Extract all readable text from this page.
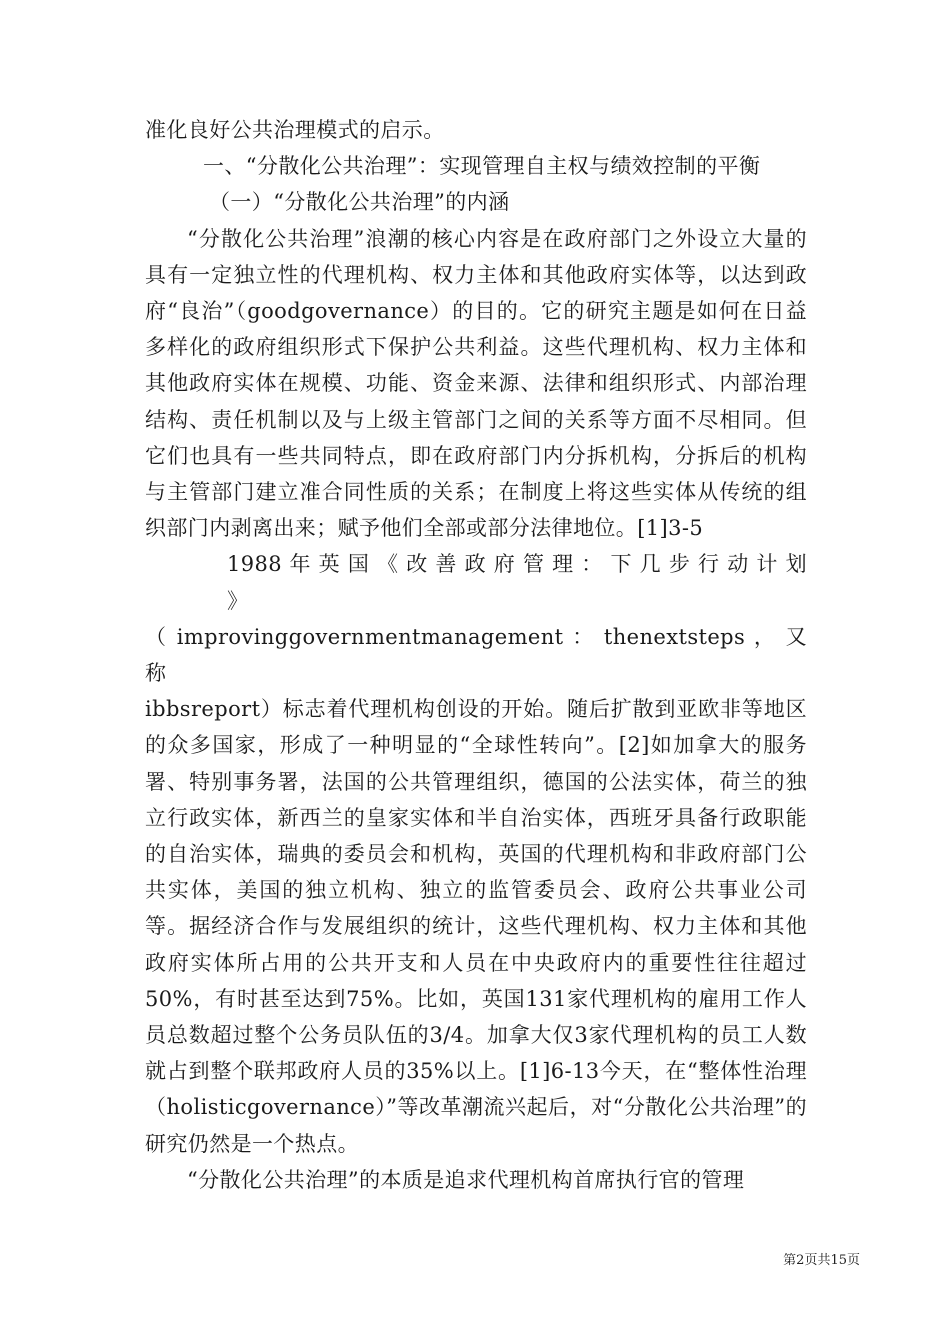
准化良好公共治理模式的启示。

一、“分散化公共治理”：实现管理自主权与绩效控制的平衡

（一）“分散化公共治理”的内涵

“分散化公共治理”浪潮的核心内容是在政府部门之外设立大量的具有一定独立性的代理机构、权力主体和其他政府实体等，以达到政府“良治”（goodgovernance）的目的。它的研究主题是如何在日益多样化的政府组织形式下保护公共利益。这些代理机构、权力主体和其他政府实体在规模、功能、资金来源、法律和组织形式、内部治理结构、责任机制以及与上级主管部门之间的关系等方面不尽相同。但它们也具有一些共同特点，即在政府部门内分拆机构，分拆后的机构与主管部门建立准合同性质的关系；在制度上将这些实体从传统的组织部门内剥离出来；赋予他们全部或部分法律地位。[1]3-5

1988 年 英 国 《 改 善 政 府 管 理 ： 下 几 步 行 动 计 划 》

（ improvinggovernmentmanagement ： thenextsteps ， 又 称

ibbsreport）标志着代理机构创设的开始。随后扩散到亚欧非等地区的众多国家，形成了一种明显的“全球性转向”。[2]如加拿大的服务署、特别事务署，法国的公共管理组织，德国的公法实体，荷兰的独立行政实体，新西兰的皇家实体和半自治实体，西班牙具备行政职能的自治实体，瑞典的委员会和机构，英国的代理机构和非政府部门公共实体，美国的独立机构、独立的监管委员会、政府公共事业公司等。据经济合作与发展组织的统计，这些代理机构、权力主体和其他政府实体所占用的公共开支和人员在中央政府内的重要性往往超过50%，有时甚至达到75%。比如，英国131家代理机构的雇用工作人员总数超过整个公务员队伍的3/4。加拿大仅3家代理机构的员工人数就占到整个联邦政府人员的35%以上。[1]6-13今天，在“整体性治理（holisticgovernance）”等改革潮流兴起后，对“分散化公共治理”的研究仍然是一个热点。

“分散化公共治理”的本质是追求代理机构首席执行官的管理

第2页共15页
